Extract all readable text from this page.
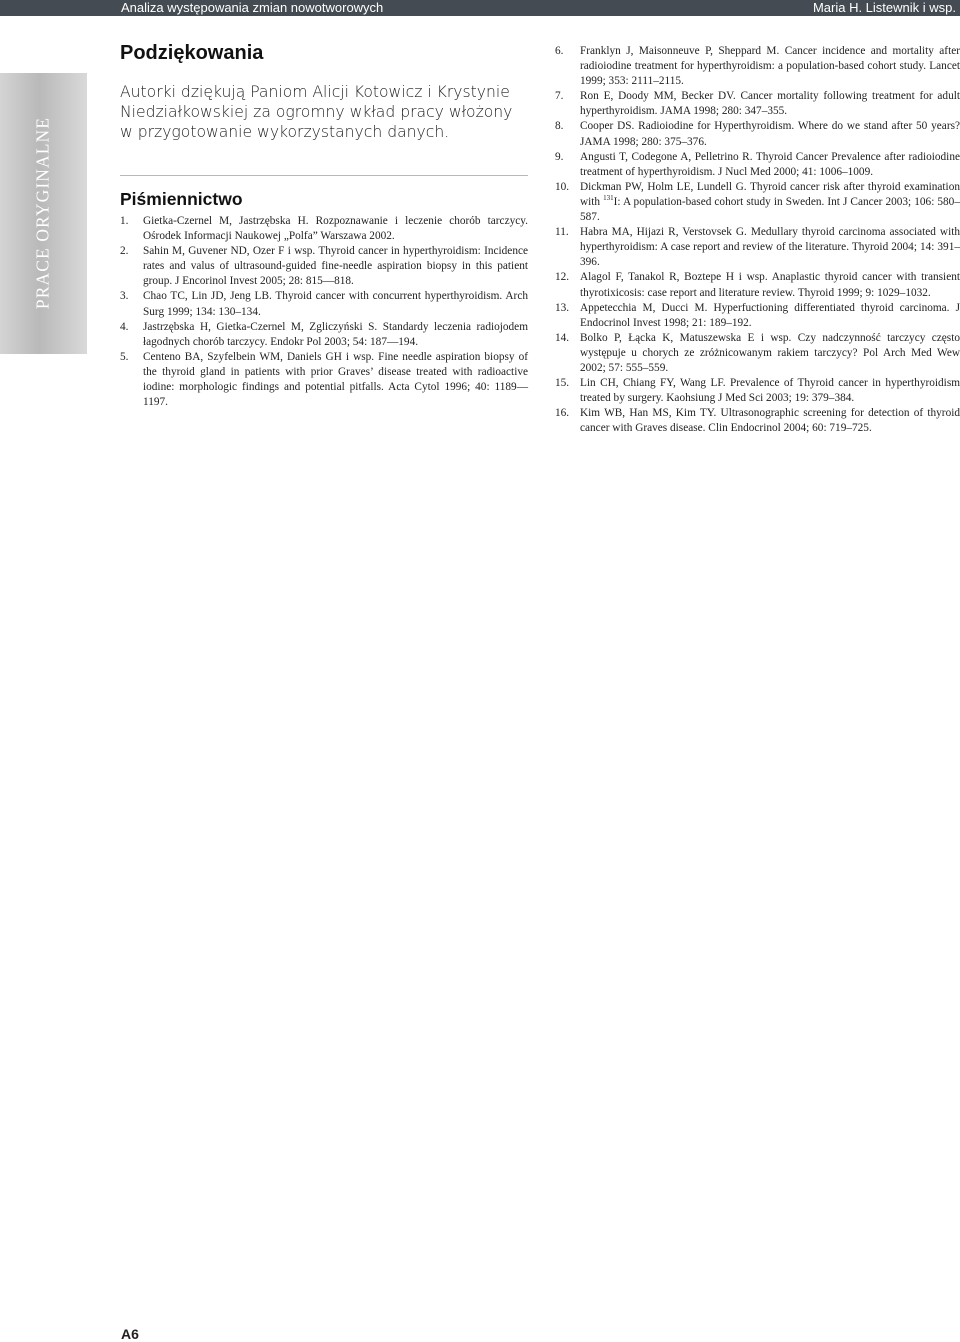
Analiza występowania zmian nowotworowych	Maria H. Listewnik i wsp.
PRACE ORYGINALNE
Podziękowania

Autorki dziękują Paniom Alicji Kotowicz i Krystynie Niedziałkowskiej za ogromny wkład pracy włożony w przygotowanie wykorzystanych danych.

Piśmiennictwo
1. Gietka-Czernel M, Jastrzębska H. Rozpoznawanie i leczenie chorób tarczycy. Ośrodek Informacji Naukowej „Polfa” Warszawa 2002.
2. Sahin M, Guvener ND, Ozer F i wsp. Thyroid cancer in hyperthyroidism: Incidence rates and valus of ultrasound-guided fine-needle aspiration biopsy in this patient group. J Encorinol Invest 2005; 28: 815—818.
3. Chao TC, Lin JD, Jeng LB. Thyroid cancer with concurrent hyperthyroidism. Arch Surg 1999; 134: 130–134.
4. Jastrzębska H, Gietka-Czernel M, Zgliczyński S. Standardy leczenia radiojodem łagodnych chorób tarczycy. Endokr Pol 2003; 54: 187—194.
5. Centeno BA, Szyfelbein WM, Daniels GH i wsp. Fine needle aspiration biopsy of the thyroid gland in patients with prior Graves’ disease treated with radioactive iodine: morphologic findings and potential pitfalls. Acta Cytol 1996; 40: 1189—1197.
6. Franklyn J, Maisonneuve P, Sheppard M. Cancer incidence and mortality after radioiodine treatment for hyperthyroidism: a population-based cohort study. Lancet 1999; 353: 2111–2115.
7. Ron E, Doody MM, Becker DV. Cancer mortality following treatment for adult hyperthyroidism. JAMA 1998; 280: 347–355.
8. Cooper DS. Radioiodine for Hyperthyroidism. Where do we stand after 50 years? JAMA 1998; 280: 375–376.
9. Angusti T, Codegone A, Pelletrino R. Thyroid Cancer Prevalence after radioiodine treatment of hyperthyroidism. J Nucl Med 2000; 41: 1006–1009.
10. Dickman PW, Holm LE, Lundell G. Thyroid cancer risk after thyroid examination with $^{131}$I: A population-based cohort study in Sweden. Int J Cancer 2003; 106: 580–587.
11. Habra MA, Hijazi R, Verstovsek G. Medullary thyroid carcinoma associated with hyperthyroidism: A case report and review of the literature. Thyroid 2004; 14: 391–396.
12. Alagol F, Tanakol R, Boztepe H i wsp. Anaplastic thyroid cancer with transient thyrotixicosis: case report and literature review. Thyroid 1999; 9: 1029–1032.
13. Appetecchia M, Ducci M. Hyperfuctioning differentiated thyroid carcinoma. J Endocrinol Invest 1998; 21: 189–192.
14. Bolko P, Łącka K, Matuszewska E i wsp. Czy nadczynność tarczycy często występuje u chorych ze zróżnicowanym rakiem tarczycy? Pol Arch Med Wew 2002; 57: 555–559.
15. Lin CH, Chiang FY, Wang LF. Prevalence of Thyroid cancer in hyperthyroidism treated by surgery. Kaohsiung J Med Sci 2003; 19: 379–384.
16. Kim WB, Han MS, Kim TY. Ultrasonographic screening for detection of thyroid cancer with Graves disease. Clin Endocrinol 2004; 60: 719–725.
A6
